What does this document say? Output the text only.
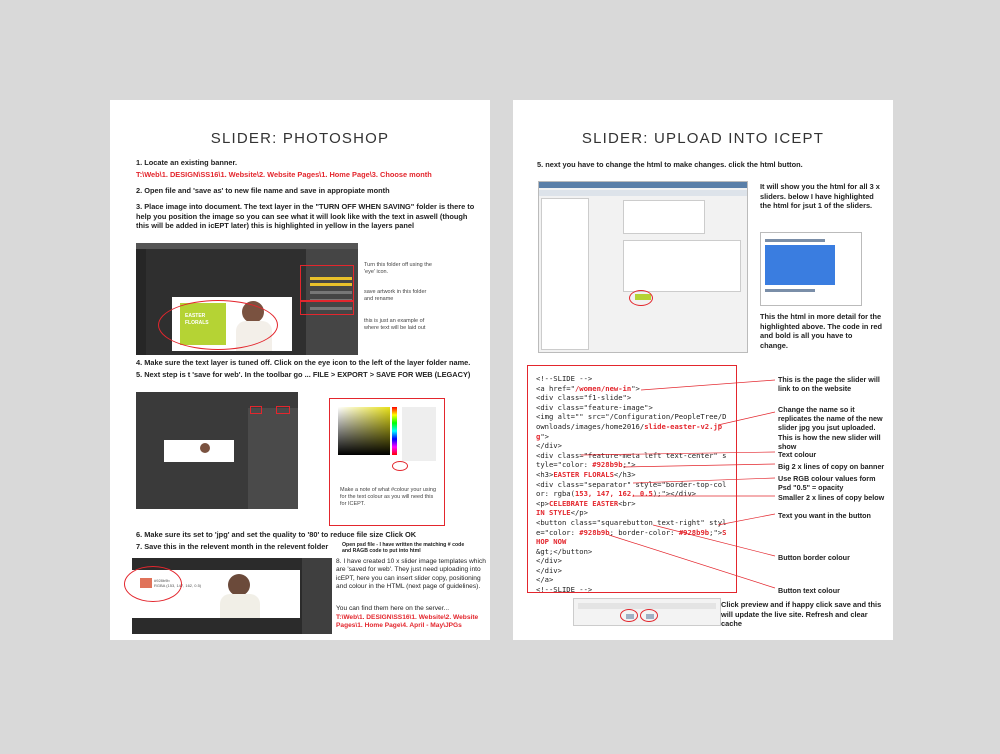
SLIDER: PHOTOSHOP
1. Locate an existing banner.
T:\Web\1. DESIGN\SS16\1. Website\2. Website Pages\1. Home Page\3. Choose month
2. Open file and 'save as' to new file name and save in appropiate month
3. Place image into document. The text layer in the "TURN OFF WHEN SAVING" folder is there to help you position the image so you can see what it will look like with the text in aswell (though this will be added in icEPT later) this is highlighted in yellow in the layers panel
EASTER
FLORALS
Turn this folder off using the 'eye' icon.
save artwork in this folder and rename
this is just an example of where text will be laid out
4. Make sure the text layer is tuned off. Click on the eye icon to the left of the layer folder name.
5. Next step is t 'save for web'. In the toolbar go ... FILE > EXPORT > SAVE FOR WEB (LEGACY)
Make a note of what #colour your using for the text colour as you will need this for ICEPT.
6. Make sure its set to 'jpg' and set the quality to '80' to reduce file size Click OK
7. Save this in the relevent month in the relevent folder	Open psd file - I have written the matching # code and RAGB code to put into html
#928b9b
RGBA (153, 147, 162, 0.5)
8. I have created 10 x slider image templates which are 'saved for web'. They just need uploading into icEPT, here you can insert slider copy, positioning and colour in the HTML (next page of guidelines).
You can find them here on the server...
T:\Web\1. DESIGN\SS16\1. Website\2. Website Pages\1. Home Page\4. April - May\JPGs
SLIDER: UPLOAD INTO ICEPT
5. next you have to change the html to make changes. click the html button.
It will show you the html for all 3 x sliders. below I have highlighted the html for jsut 1 of the sliders.
This the html in more detail for the highlighted above. The code in red and bold is all you have to change.
<!--SLIDE -->
<a href="/women/new-in">
<div class="f1-slide">
<div class="feature-image">
<img alt="" src="/Configuration/PeopleTree/Downloads/images/home2016/slide-easter-v2.jpg">
</div>
<div class="feature-meta left text-center" style="color: #928b9b;">
<h3>EASTER FLORALS</h3>
<div class="separator" style="border-top-color: rgba(153, 147, 162, 0.5);"></div>
<p>CELEBRATE EASTER<br>
IN STYLE</p>
<button class="squarebutton text-right" style="color: #928b9b; border-color: #928b9b;">SHOP NOW
&gt;</button>
</div>
</div>
</a>
<!--SLIDE -->
This is the page the slider will link to on the website
Change the name so it replicates the name of the new slider jpg you jsut uploaded. This is how the new slider will show
Text colour
Big 2 x lines of copy on banner
Use RGB colour values form Psd "0.5" = opacity
Smaller 2 x lines of copy below
Text you want in the button
Button border colour
Button text colour
Click preview and if happy click save and this will update the live site. Refresh and clear cache
